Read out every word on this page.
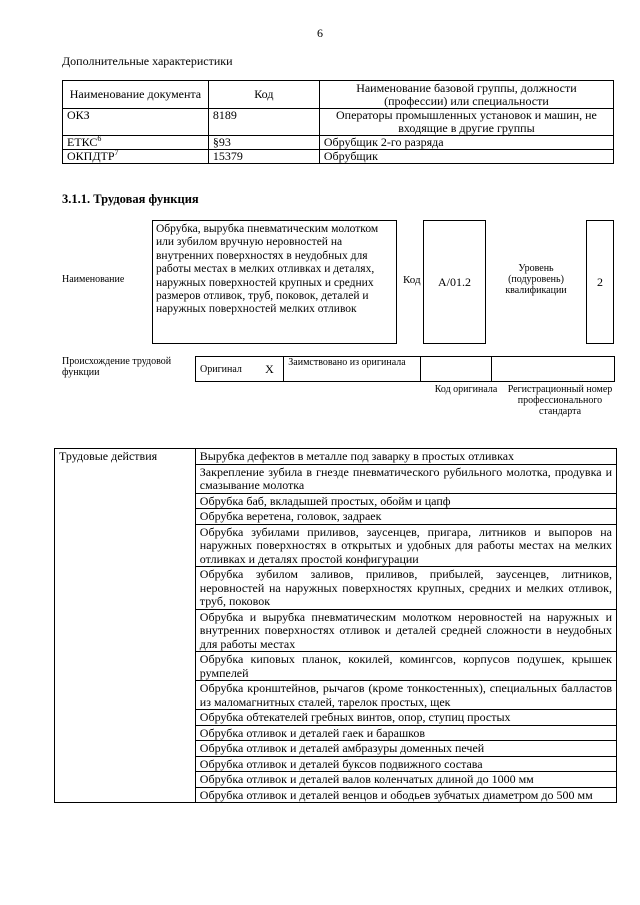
6
Дополнительные характеристики
Наименование документа	Код	Наименование базовой группы, должности (профессии) или специальности
ОКЗ	8189	Операторы промышленных установок и машин, не входящие в другие группы
ЕТКС$^6$	§93	Обрубщик 2-го разряда
ОКПДТР$^7$	15379	Обрубщик
3.1.1. Трудовая функция
Наименование
Обрубка, вырубка пневматическим молотком или зубилом вручную неровностей на внутренних поверхностях в неудобных для работы местах в мелких отливках и деталях, наружных поверхностей крупных и средних размеров отливок, труб, поковок, деталей и наружных поверхностей мелких отливок
Код	A/01.2
Уровень (подуровень) квалификации
2
Происхождение трудовой функции	Оригинал	X	Заимствовано из оригинала		
Код оригинала	Регистрационный номер профессионального стандарта
Трудовые действия	Вырубка дефектов в металле под заварку в простых отливках
Закрепление зубила в гнезде пневматического рубильного молотка, продувка и смазывание молотка
Обрубка баб, вкладышей простых, обойм и цапф
Обрубка веретена, головок, задраек
Обрубка зубилами приливов, заусенцев, пригара, литников и выпоров на наружных поверхностях в открытых и удобных для работы местах на мелких отливках и деталях простой конфигурации
Обрубка зубилом заливов, приливов, прибылей, заусенцев, литников, неровностей на наружных поверхностях крупных, средних и мелких отливок, труб, поковок
Обрубка и вырубка пневматическим молотком неровностей на наружных и внутренних поверхностях отливок и деталей средней сложности в неудобных для работы местах
Обрубка киповых планок, кокилей, комингсов, корпусов подушек, крышек румпелей
Обрубка кронштейнов, рычагов (кроме тонкостенных), специальных балластов из маломагнитных сталей, тарелок простых, щек
Обрубка обтекателей гребных винтов, опор, ступиц простых
Обрубка отливок и деталей гаек и барашков
Обрубка отливок и деталей амбразуры доменных печей
Обрубка отливок и деталей буксов подвижного состава
Обрубка отливок и деталей валов коленчатых длиной до 1000 мм
Обрубка отливок и деталей венцов и ободьев зубчатых диаметром до 500 мм
